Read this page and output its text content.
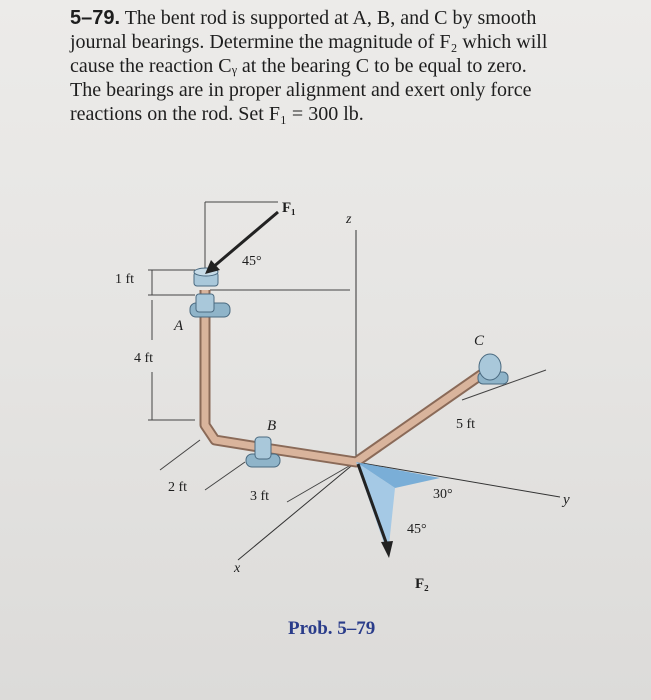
5–79. The bent rod is supported at A, B, and C by smooth
journal bearings. Determine the magnitude of F₂ which will
cause the reaction Cᵧ at the bearing C to be equal to zero.
The bearings are in proper alignment and exert only force
reactions on the rod. Set F₁ = 300 lb.
F₁
z
45°
1 ft
A
4 ft
C
B	5 ft
2 ft
3 ft	30°	y
45°
x
F₂
Prob. 5–79
